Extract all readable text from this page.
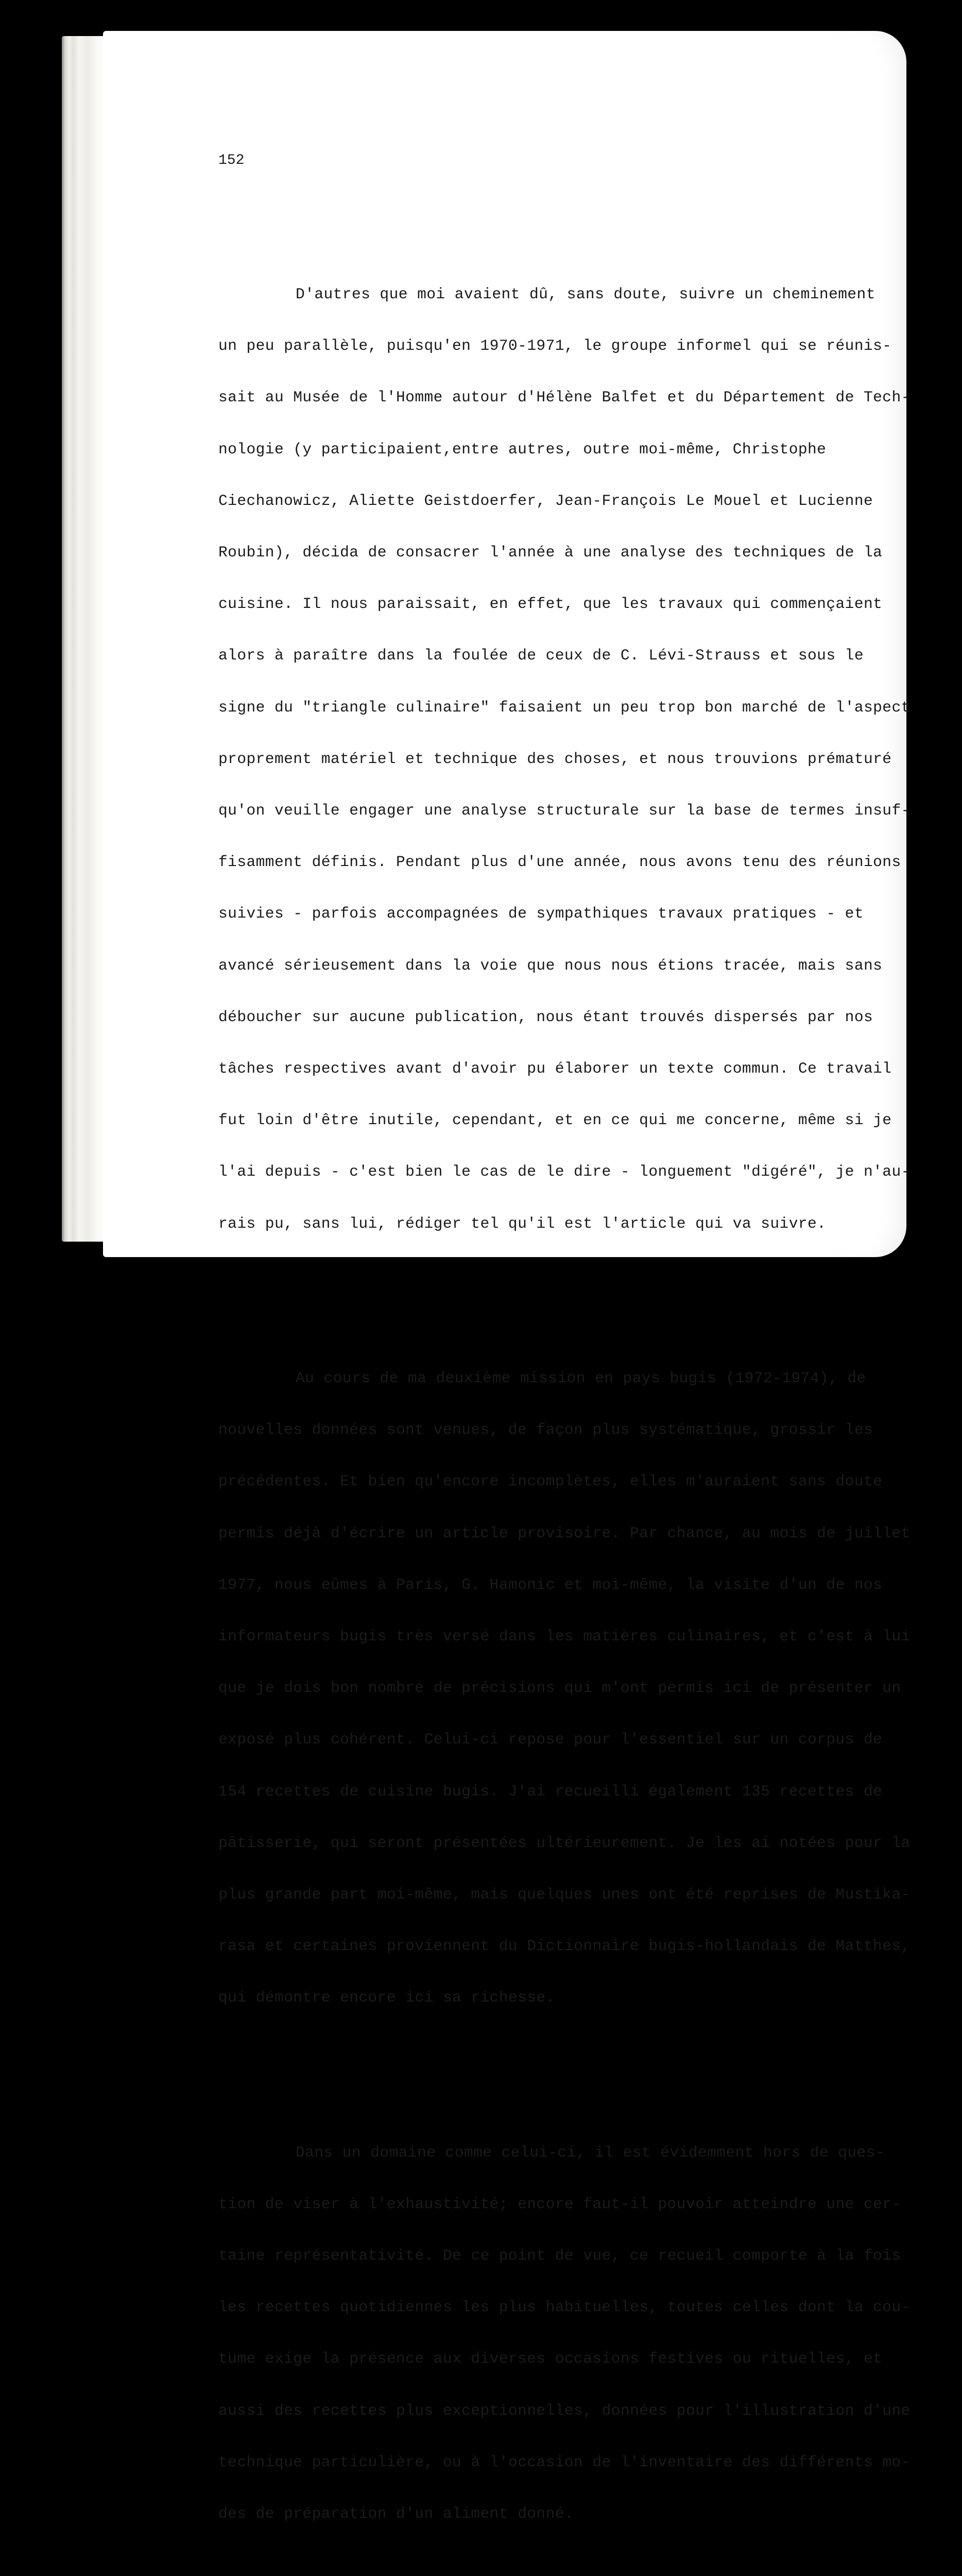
152

D'autres que moi avaient dû, sans doute, suivre un cheminement

un peu parallèle, puisqu'en 1970-1971, le groupe informel qui se réunis-

sait au Musée de l'Homme autour d'Hélène Balfet et du Département de Tech-

nologie (y participaient,entre autres, outre moi-même, Christophe

Ciechanowicz, Aliette Geistdoerfer, Jean-François Le Mouel et Lucienne

Roubin), décida de consacrer l'année à une analyse des techniques de la

cuisine. Il nous paraissait, en effet, que les travaux qui commençaient

alors à paraître dans la foulée de ceux de C. Lévi-Strauss et sous le

signe du "triangle culinaire" faisaient un peu trop bon marché de l'aspect

proprement matériel et technique des choses, et nous trouvions prématuré

qu'on veuille engager une analyse structurale sur la base de termes insuf-

fisamment définis. Pendant plus d'une année, nous avons tenu des réunions

suivies - parfois accompagnées de sympathiques travaux pratiques - et

avancé sérieusement dans la voie que nous nous étions tracée, mais sans

déboucher sur aucune publication, nous étant trouvés dispersés par nos

tâches respectives avant d'avoir pu élaborer un texte commun. Ce travail

fut loin d'être inutile, cependant, et en ce qui me concerne, même si je

l'ai depuis - c'est bien le cas de le dire - longuement "digéré", je n'au-

rais pu, sans lui, rédiger tel qu'il est l'article qui va suivre.

Au cours de ma deuxième mission en pays bugis (1972-1974), de

nouvelles données sont venues, de façon plus systématique, grossir les

précédentes. Et bien qu'encore incomplètes, elles m'auraient sans doute

permis déjà d'écrire un article provisoire. Par chance, au mois de juillet

1977, nous eûmes à Paris, G. Hamonic et moi-même, la visite d'un de nos

informateurs bugis très versé dans les matières culinaires, et c'est à lui

que je dois bon nombre de précisions qui m'ont permis ici de présenter un

exposé plus cohérent. Celui-ci repose pour l'essentiel sur un corpus de

154 recettes de cuisine bugis. J'ai recueilli également 135 recettes de

pâtisserie, qui seront présentées ultérieurement. Je les ai notées pour la

plus grande part moi-même, mais quelques unes ont été reprises de Mustika-

rasa et certaines proviennent du Dictionnaire bugis-hollandais de Matthes,

qui démontre encore ici sa richesse.

Dans un domaine comme celui-ci, il est évidemment hors de ques-

tion de viser à l'exhaustivité; encore faut-il pouvoir atteindre une cer-

taine représentativité. De ce point de vue, ce recueil comporte à la fois

les recettes quotidiennes les plus habituelles, toutes celles dont la cou-

tume exige la présence aux diverses occasions festives ou rituelles, et

aussi des recettes plus exceptionnelles, données pour l'illustration d'une

technique particulière, ou à l'occasion de l'inventaire des différents mo-

des de préparation d'un aliment donné.
